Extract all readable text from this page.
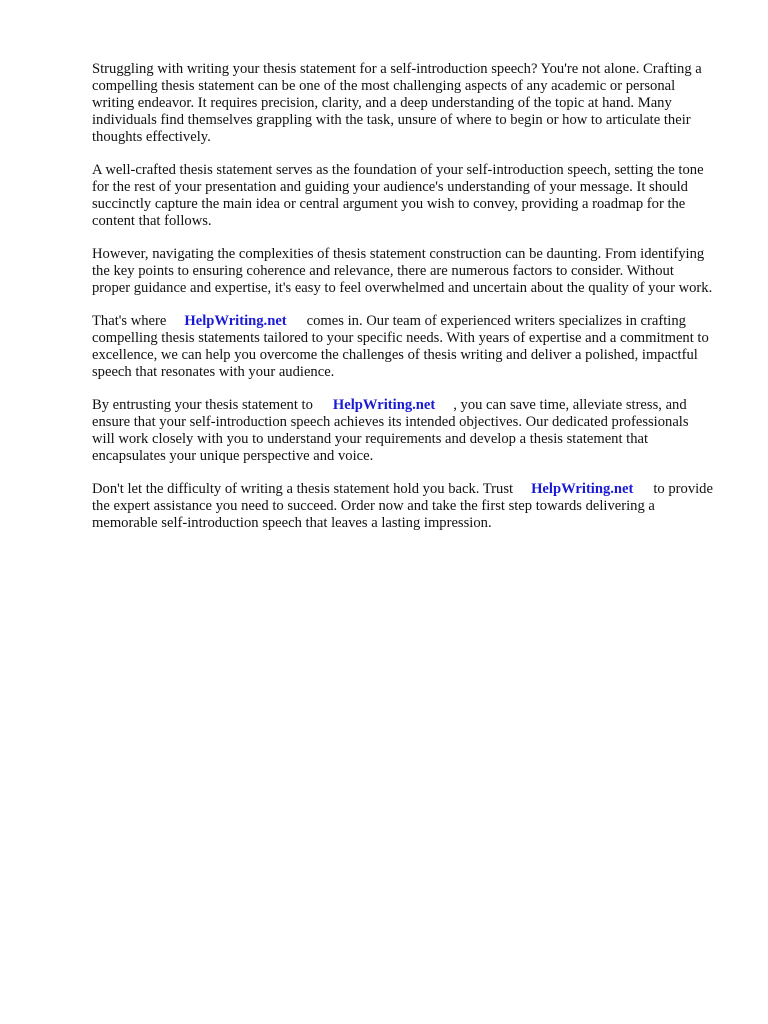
Struggling with writing your thesis statement for a self-introduction speech? You're not alone. Crafting a compelling thesis statement can be one of the most challenging aspects of any academic or personal writing endeavor. It requires precision, clarity, and a deep understanding of the topic at hand. Many individuals find themselves grappling with the task, unsure of where to begin or how to articulate their thoughts effectively.

A well-crafted thesis statement serves as the foundation of your self-introduction speech, setting the tone for the rest of your presentation and guiding your audience's understanding of your message. It should succinctly capture the main idea or central argument you wish to convey, providing a roadmap for the content that follows.

However, navigating the complexities of thesis statement construction can be daunting. From identifying the key points to ensuring coherence and relevance, there are numerous factors to consider. Without proper guidance and expertise, it's easy to feel overwhelmed and uncertain about the quality of your work.

That's where HelpWriting.net comes in. Our team of experienced writers specializes in crafting compelling thesis statements tailored to your specific needs. With years of expertise and a commitment to excellence, we can help you overcome the challenges of thesis writing and deliver a polished, impactful speech that resonates with your audience.

By entrusting your thesis statement to HelpWriting.net , you can save time, alleviate stress, and ensure that your self-introduction speech achieves its intended objectives. Our dedicated professionals will work closely with you to understand your requirements and develop a thesis statement that encapsulates your unique perspective and voice.

Don't let the difficulty of writing a thesis statement hold you back. Trust HelpWriting.net to provide the expert assistance you need to succeed. Order now and take the first step towards delivering a memorable self-introduction speech that leaves a lasting impression.
